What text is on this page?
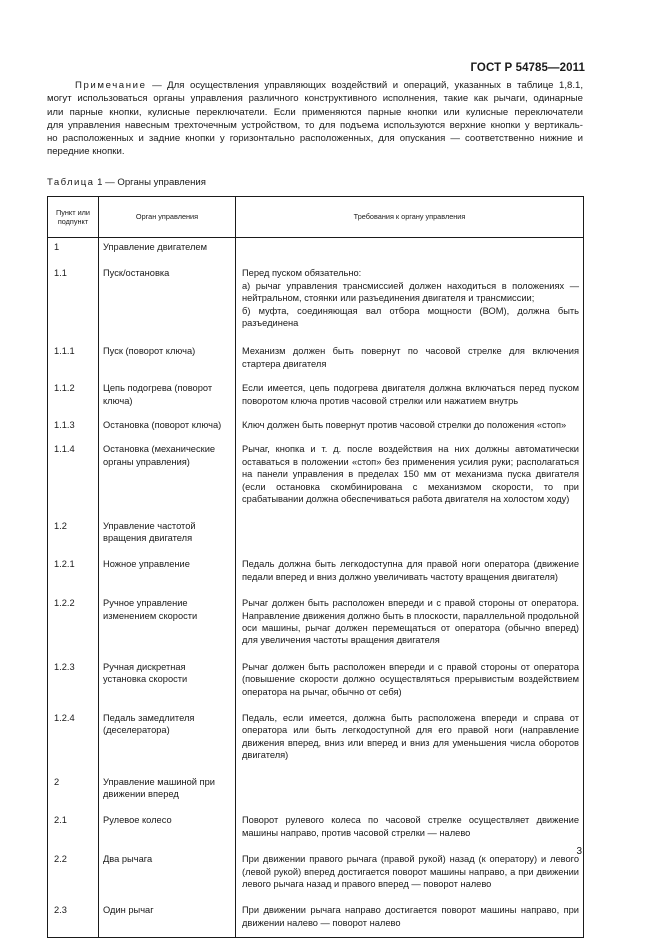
ГОСТ Р 54785—2011
Примечание — Для осуществления управляющих воздействий и операций, указанных в таблице 1,8.1,
могут использоваться органы управления различного конструктивного исполнения, такие как рычаги, одинарные
или парные кнопки, кулисные переключатели. Если применяются парные кнопки или кулисные переключатели
для управления навесным трехточечным устройством, то для подъема используются верхние кнопки у вертикаль-
но расположенных и задние кнопки у горизонтально расположенных, для опускания — соответственно нижние и
передние кнопки.
Таблица 1 — Органы управления
Пункт или подпункт	Орган управления	Требования к органу управления
1	Управление двигателем	
1.1	Пуск/остановка	Перед пуском обязательно:
а) рычаг управления трансмиссией должен находиться в положениях — нейтральном, стоянки или разъединения двигателя и трансмиссии;
б) муфта, соединяющая вал отбора мощности (ВОМ), должна быть разъединена
1.1.1	Пуск (поворот ключа)	Механизм должен быть повернут по часовой стрелке для включения стартера двигателя
1.1.2	Цепь подогрева (поворот ключа)	Если имеется, цепь подогрева двигателя должна включаться перед пуском поворотом ключа против часовой стрелки или нажатием внутрь
1.1.3	Остановка (поворот ключа)	Ключ должен быть повернут против часовой стрелки до положения «стоп»
1.1.4	Остановка (механические органы управления)	Рычаг, кнопка и т. д. после воздействия на них должны автоматически оставаться в положении «стоп» без применения усилия руки; располагаться на панели управления в пределах 150 мм от механизма пуска двигателя (если остановка скомбинирована с механизмом скорости, то при срабатывании должна обеспечиваться работа двигателя на холостом ходу)
1.2	Управление частотой вращения двигателя	
1.2.1	Ножное управление	Педаль должна быть легкодоступна для правой ноги оператора (движение педали вперед и вниз должно увеличивать частоту вращения двигателя)
1.2.2	Ручное управление изменением скорости	Рычаг должен быть расположен впереди и с правой стороны от оператора. Направление движения должно быть в плоскости, параллельной продольной оси машины, рычаг должен перемещаться от оператора (обычно вперед) для увеличения частоты вращения двигателя
1.2.3	Ручная дискретная установка скорости	Рычаг должен быть расположен впереди и с правой стороны от оператора (повышение скорости должно осуществляться прерывистым воздействием оператора на рычаг, обычно от себя)
1.2.4	Педаль замедлителя (деселератора)	Педаль, если имеется, должна быть расположена впереди и справа от оператора или быть легкодоступной для его правой ноги (направление движения вперед, вниз или вперед и вниз для уменьшения числа оборотов двигателя)
2	Управление машиной при движении вперед	
2.1	Рулевое колесо	Поворот рулевого колеса по часовой стрелке осуществляет движение машины направо, против часовой стрелки — налево
2.2	Два рычага	При движении правого рычага (правой рукой) назад (к оператору) и левого (левой рукой) вперед достигается поворот машины направо, а при движении левого рычага назад и правого вперед — поворот налево
2.3	Один рычаг	При движении рычага направо достигается поворот машины направо, при движении налево — поворот налево
3
